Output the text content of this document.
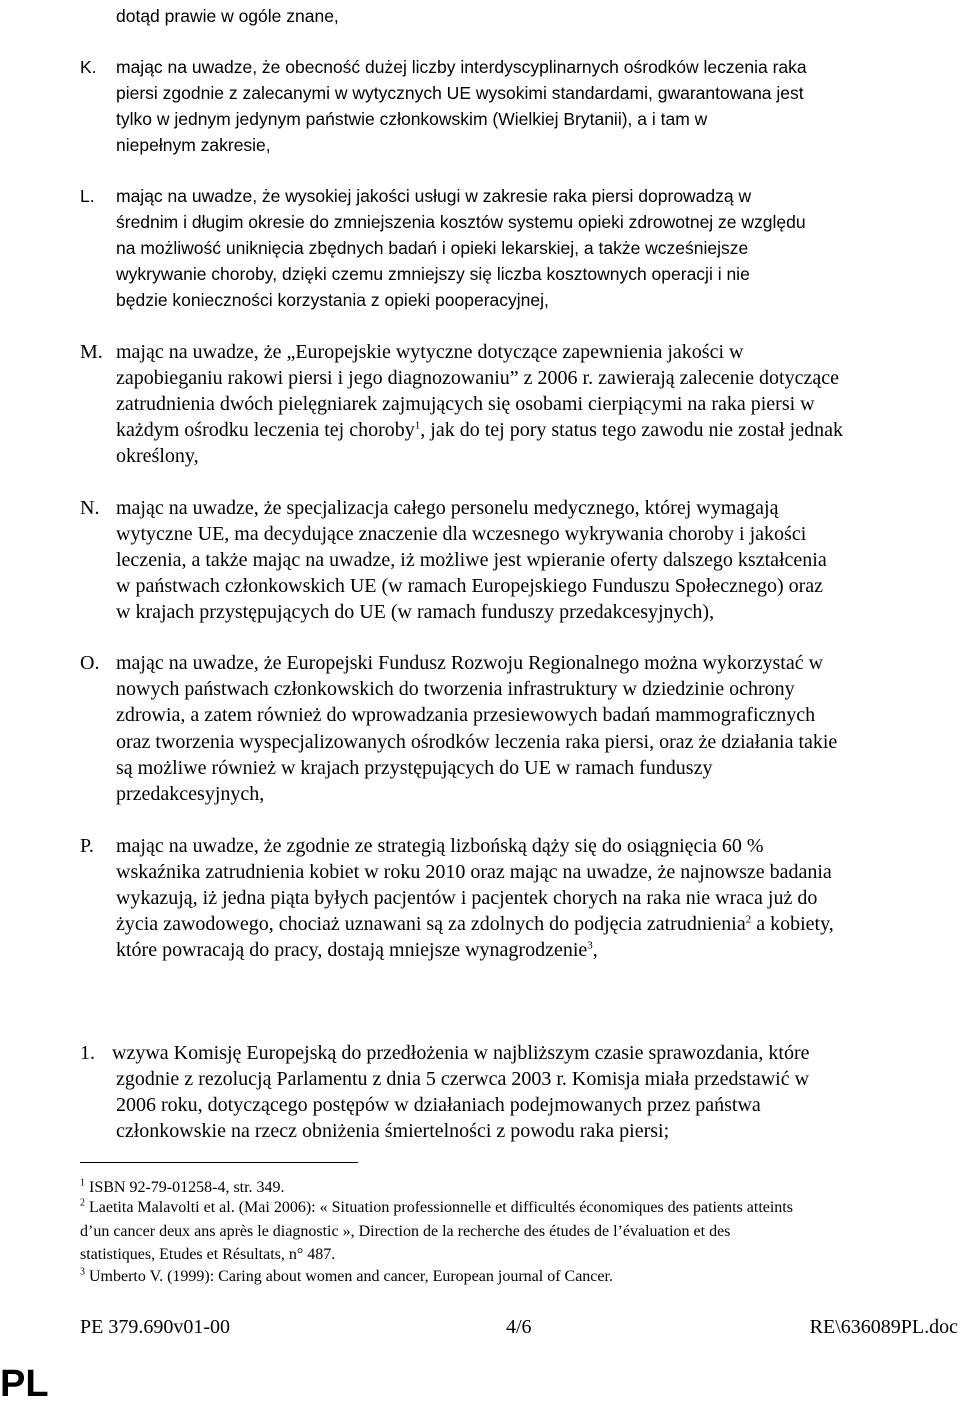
dotąd prawie w ogóle znane,
K. mając na uwadze, że obecność dużej liczby interdyscyplinarnych ośrodków leczenia raka
piersi zgodnie z zalecanymi w wytycznych UE wysokimi standardami, gwarantowana jest
tylko w jednym jedynym państwie członkowskim (Wielkiej Brytanii), a i tam w
niepełnym zakresie,
L. mając na uwadze, że wysokiej jakości usługi w zakresie raka piersi doprowadzą w
średnim i długim okresie do zmniejszenia kosztów systemu opieki zdrowotnej ze względu
na możliwość uniknięcia zbędnych badań i opieki lekarskiej, a także wcześniejsze
wykrywanie choroby, dzięki czemu zmniejszy się liczba kosztownych operacji i nie
będzie konieczności korzystania z opieki pooperacyjnej,
M. mając na uwadze, że „Europejskie wytyczne dotyczące zapewnienia jakości w
zapobieganiu rakowi piersi i jego diagnozowaniu” z 2006 r. zawierają zalecenie dotyczące
zatrudnienia dwóch pielęgniarek zajmujących się osobami cierpiącymi na raka piersi w
każdym ośrodku leczenia tej choroby$^1$, jak do tej pory status tego zawodu nie został jednak
określony,
N. mając na uwadze, że specjalizacja całego personelu medycznego, której wymagają
wytyczne UE, ma decydujące znaczenie dla wczesnego wykrywania choroby i jakości
leczenia, a także mając na uwadze, iż możliwe jest wpieranie oferty dalszego kształcenia
w państwach członkowskich UE (w ramach Europejskiego Funduszu Społecznego) oraz
w krajach przystępujących do UE (w ramach funduszy przedakcesyjnych),
O. mając na uwadze, że Europejski Fundusz Rozwoju Regionalnego można wykorzystać w
nowych państwach członkowskich do tworzenia infrastruktury w dziedzinie ochrony
zdrowia, a zatem również do wprowadzania przesiewowych badań mammograficznych
oraz tworzenia wyspecjalizowanych ośrodków leczenia raka piersi, oraz że działania takie
są możliwe również w krajach przystępujących do UE w ramach funduszy
przedakcesyjnych,
P. mając na uwadze, że zgodnie ze strategią lizbońską dąży się do osiągnięcia 60 %
wskaźnika zatrudnienia kobiet w roku 2010 oraz mając na uwadze, że najnowsze badania
wykazują, iż jedna piąta byłych pacjentów i pacjentek chorych na raka nie wraca już do
życia zawodowego, chociaż uznawani są za zdolnych do podjęcia zatrudnienia$^2$ a kobiety,
które powracają do pracy, dostają mniejsze wynagrodzenie$^3$,
1. wzywa Komisję Europejską do przedłożenia w najbliższym czasie sprawozdania, które
zgodnie z rezolucją Parlamentu z dnia 5 czerwca 2003 r. Komisja miała przedstawić w
2006 roku, dotyczącego postępów w działaniach podejmowanych przez państwa
członkowskie na rzecz obniżenia śmiertelności z powodu raka piersi;
$^1$ ISBN 92-79-01258-4, str. 349.
$^2$ Laetita Malavolti et al. (Mai 2006): « Situation professionnelle et difficultés économiques des patients atteints
d’un cancer deux ans après le diagnostic », Direction de la recherche des études de l’évaluation et des
statistiques, Etudes et Résultats, n° 487.
$^3$ Umberto V. (1999): Caring about women and cancer, European journal of Cancer.
PE 379.690v01-00	4/6	RE\636089PL.doc
PL
